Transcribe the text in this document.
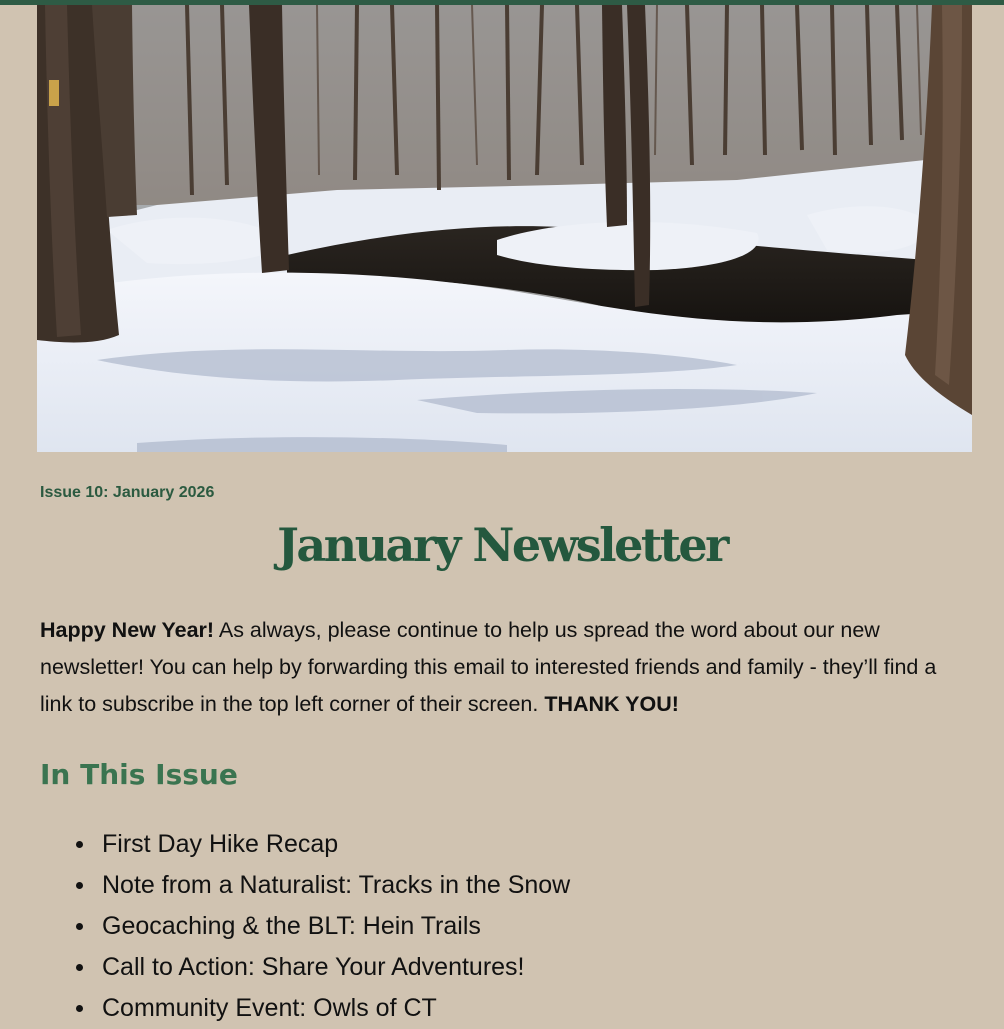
Issue 10: January 2026
January Newsletter

Happy New Year! As always, please continue to help us spread the word about our new newsletter! You can help by forwarding this email to interested friends and family - they’ll find a link to subscribe in the top left corner of their screen. THANK YOU!

In This Issue
First Day Hike Recap
Note from a Naturalist: Tracks in the Snow
Geocaching & the BLT: Hein Trails
Call to Action: Share Your Adventures!
Community Event: Owls of CT
